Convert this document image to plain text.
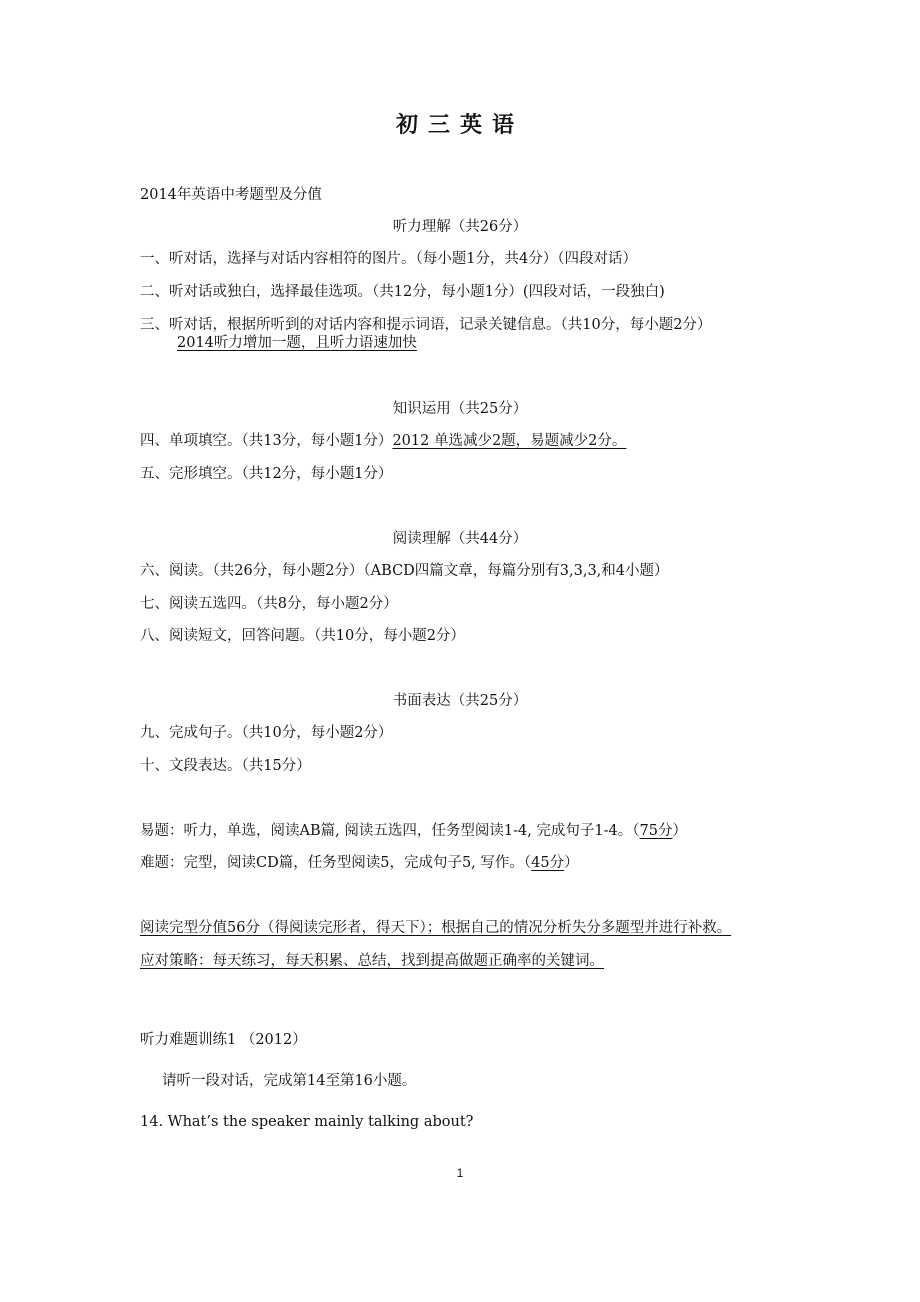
初三英语
2014年英语中考题型及分值
听力理解（共26分）
一、听对话，选择与对话内容相符的图片。（每小题1分，共4分）（四段对话）
二、听对话或独白，选择最佳选项。（共12分，每小题1分）(四段对话，一段独白)
三、听对话，根据所听到的对话内容和提示词语，记录关键信息。（共10分，每小题2分）
2014听力增加一题，且听力语速加快
知识运用（共25分）
四、单项填空。（共13分，每小题1分）2012 单选减少2题，易题减少2分。
五、完形填空。（共12分，每小题1分）
阅读理解（共44分）
六、阅读。（共26分，每小题2分）（ABCD四篇文章，每篇分别有3,3,3,和4小题）
七、阅读五选四。（共8分，每小题2分）
八、阅读短文，回答问题。（共10分，每小题2分）
书面表达（共25分）
九、完成句子。（共10分，每小题2分）
十、文段表达。（共15分）
易题：听力，单选，阅读AB篇, 阅读五选四，任务型阅读1-4, 完成句子1-4。（75分）
难题：完型，阅读CD篇，任务型阅读5，完成句子5, 写作。（45分）
阅读完型分值56分（得阅读完形者，得天下）；根据自己的情况分析失分多题型并进行补救。
应对策略：每天练习，每天积累、总结，找到提高做题正确率的关键词。
听力难题训练1 （2012）
请听一段对话，完成第14至第16小题。
14. What’s the speaker mainly talking about?
1
